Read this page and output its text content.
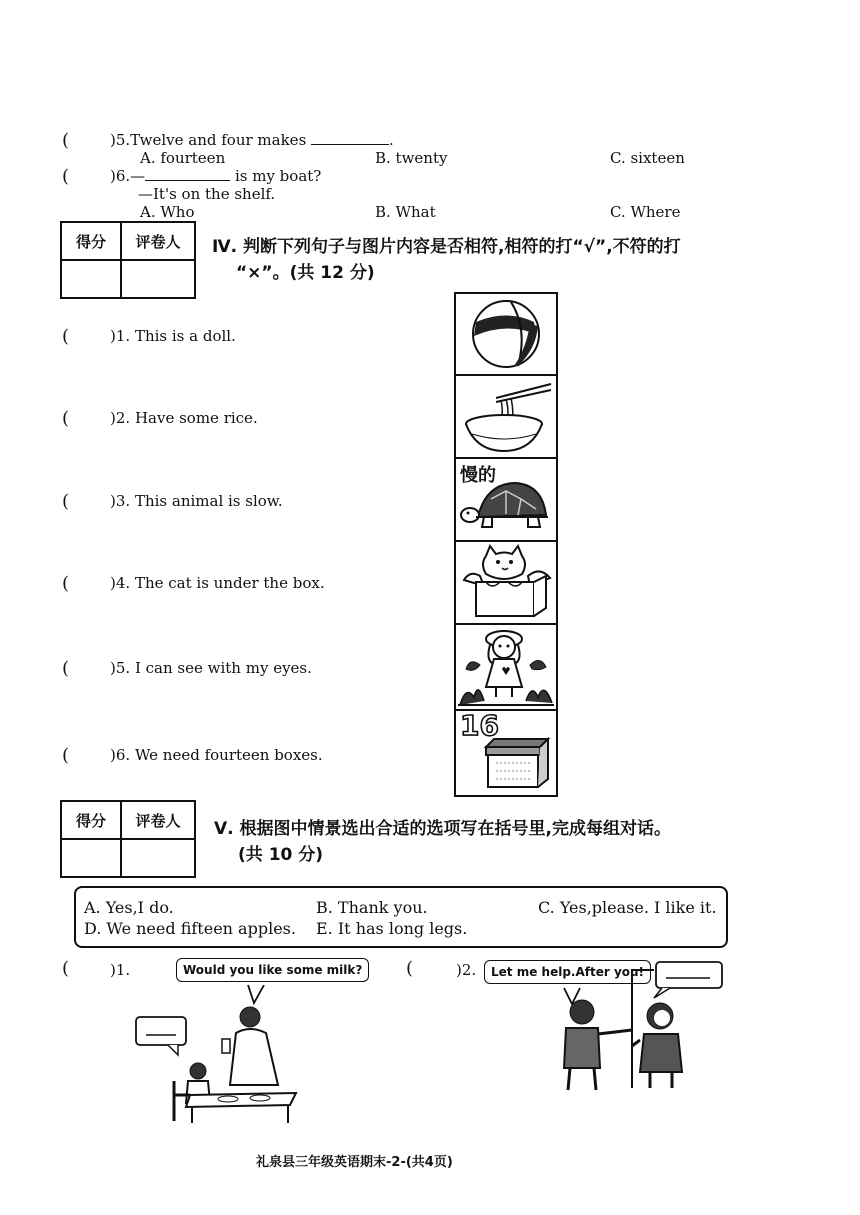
(	)5.Twelve and four makes	.
A. fourteen	B. twenty	C. sixteen
(	)6.—	is my boat?
—It's on the shelf.
A. Who	B. What	C. Where
得分	评卷人
	Ⅳ. 判断下列句子与图片内容是否相符,相符的打“√”,不符的打
“×”。(共 12 分)
(	)1. This is a doll.
(	)2. Have some rice.
(	)3. This animal is slow.
(	)4. The cat is under the box.
(	)5. I can see with my eyes.
(	)6. We need fourteen boxes.
慢的
16
得分	评卷人
	Ⅴ. 根据图中情景选出合适的选项写在括号里,完成每组对话。
(共 10 分)
A. Yes,I do.	B. Thank you.	C. Yes,please. I like it.
D. We need fifteen apples. E. It has long legs.
(	)1.	Would you like some milk?	(	)2.	Let me help.After you!
礼泉县三年级英语期末-2-(共4页)
